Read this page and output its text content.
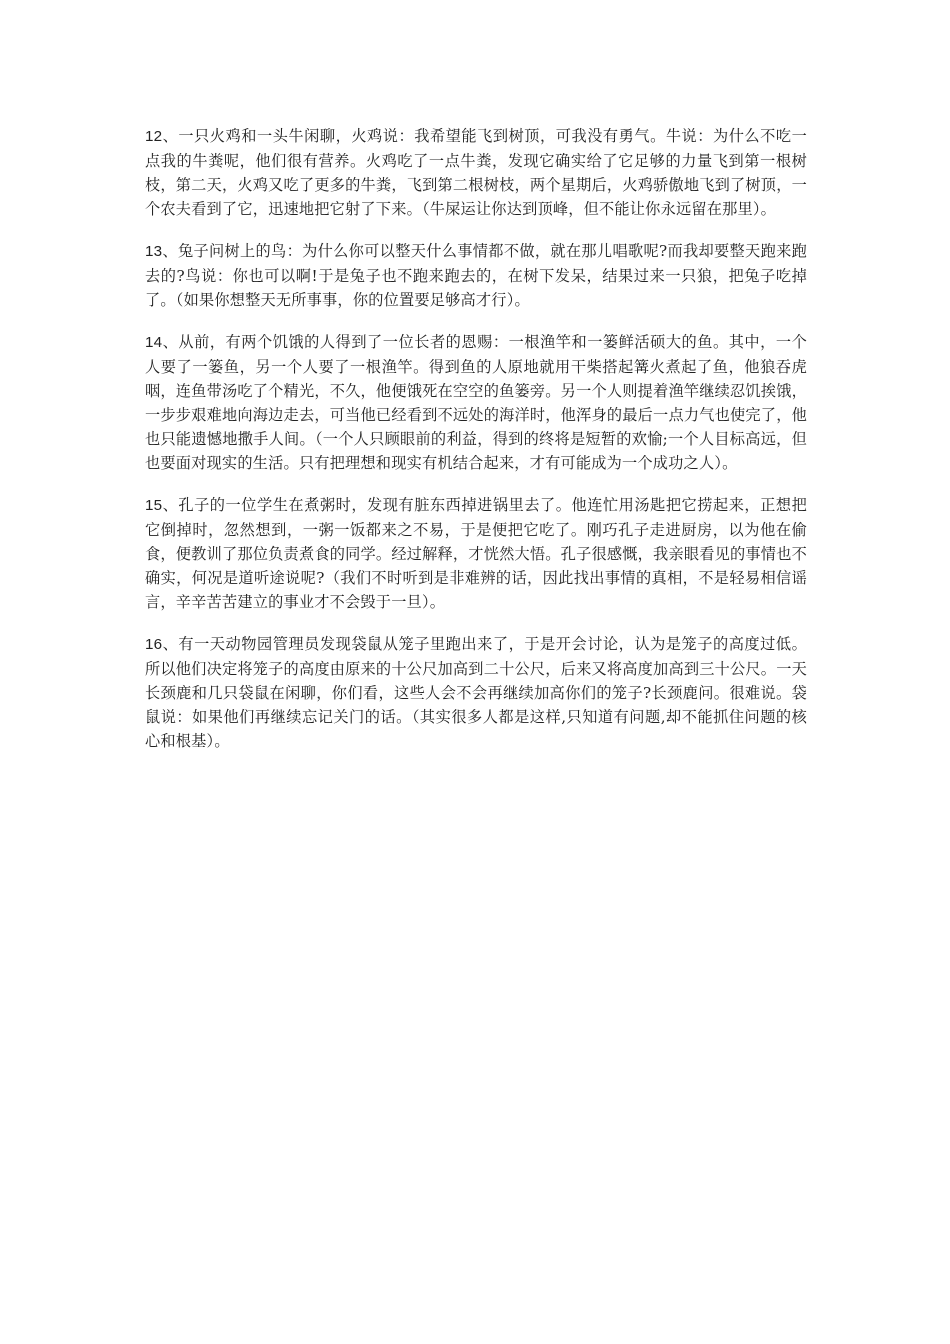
12、一只火鸡和一头牛闲聊，火鸡说：我希望能飞到树顶，可我没有勇气。牛说：为什么不吃一点我的牛粪呢，他们很有营养。火鸡吃了一点牛粪，发现它确实给了它足够的力量飞到第一根树枝，第二天，火鸡又吃了更多的牛粪，飞到第二根树枝，两个星期后，火鸡骄傲地飞到了树顶，一个农夫看到了它，迅速地把它射了下来。（牛屎运让你达到顶峰，但不能让你永远留在那里）。

13、兔子问树上的鸟：为什么你可以整天什么事情都不做，就在那儿唱歌呢?而我却要整天跑来跑去的?鸟说：你也可以啊!于是兔子也不跑来跑去的，在树下发呆，结果过来一只狼，把兔子吃掉了。（如果你想整天无所事事，你的位置要足够高才行）。

14、从前，有两个饥饿的人得到了一位长者的恩赐：一根渔竿和一篓鲜活硕大的鱼。其中，一个人要了一篓鱼，另一个人要了一根渔竿。得到鱼的人原地就用干柴搭起篝火煮起了鱼，他狼吞虎咽，连鱼带汤吃了个精光，不久，他便饿死在空空的鱼篓旁。另一个人则提着渔竿继续忍饥挨饿，一步步艰难地向海边走去，可当他已经看到不远处的海洋时，他浑身的最后一点力气也使完了，他也只能遗憾地撒手人间。（一个人只顾眼前的利益，得到的终将是短暂的欢愉;一个人目标高远，但也要面对现实的生活。只有把理想和现实有机结合起来，才有可能成为一个成功之人）。

15、孔子的一位学生在煮粥时，发现有脏东西掉进锅里去了。他连忙用汤匙把它捞起来，正想把它倒掉时，忽然想到，一粥一饭都来之不易，于是便把它吃了。刚巧孔子走进厨房，以为他在偷食，便教训了那位负责煮食的同学。经过解释，才恍然大悟。孔子很感慨，我亲眼看见的事情也不确实，何况是道听途说呢?（我们不时听到是非难辨的话，因此找出事情的真相，不是轻易相信谣言，辛辛苦苦建立的事业才不会毁于一旦）。

16、有一天动物园管理员发现袋鼠从笼子里跑出来了，于是开会讨论，认为是笼子的高度过低。所以他们决定将笼子的高度由原来的十公尺加高到二十公尺，后来又将高度加高到三十公尺。一天长颈鹿和几只袋鼠在闲聊，你们看，这些人会不会再继续加高你们的笼子?长颈鹿问。很难说。袋鼠说：如果他们再继续忘记关门的话。（其实很多人都是这样,只知道有问题,却不能抓住问题的核心和根基）。
